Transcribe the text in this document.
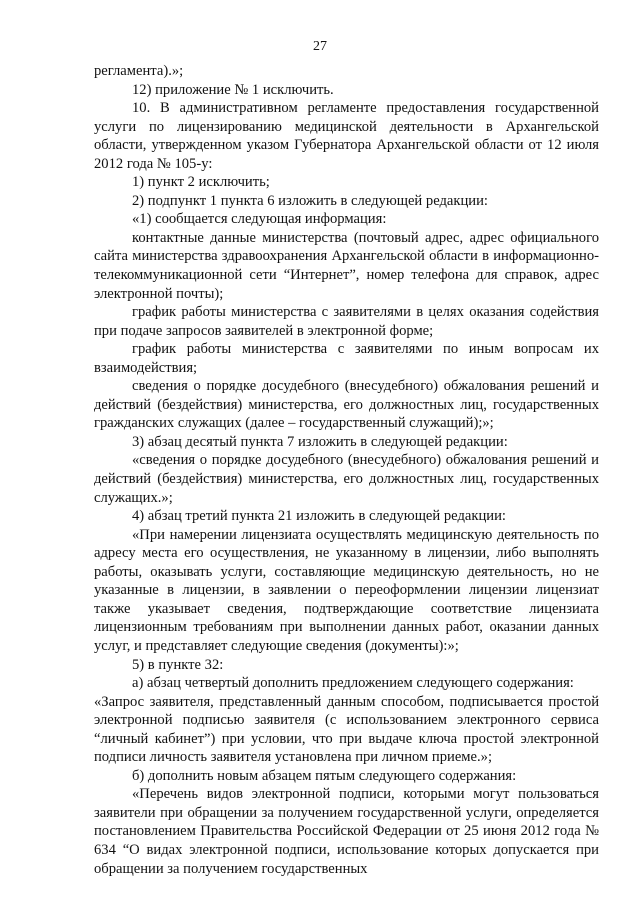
27

регламента).»;

12) приложение № 1 исключить.

10. В административном регламенте предоставления государственной услуги по лицензированию медицинской деятельности в Архангельской области, утвержденном указом Губернатора Архангельской области от 12 июля 2012 года № 105-у:

1) пункт 2 исключить;

2) подпункт 1 пункта 6 изложить в следующей редакции:

«1) сообщается следующая информация:

контактные данные министерства (почтовый адрес, адрес официального сайта министерства здравоохранения Архангельской области в информационно-телекоммуникационной сети “Интернет”, номер телефона для справок, адрес электронной почты);

график работы министерства с заявителями в целях оказания содействия при подаче запросов заявителей в электронной форме;

график работы министерства с заявителями по иным вопросам их взаимодействия;

сведения о порядке досудебного (внесудебного) обжалования решений и действий (бездействия) министерства, его должностных лиц, государственных гражданских служащих (далее – государственный служащий);»;

3) абзац десятый пункта 7 изложить в следующей редакции:

«сведения о порядке досудебного (внесудебного) обжалования решений и действий (бездействия) министерства, его должностных лиц, государственных служащих.»;

4) абзац третий пункта 21 изложить в следующей редакции:

«При намерении лицензиата осуществлять медицинскую деятельность по адресу места его осуществления, не указанному в лицензии, либо выполнять работы, оказывать услуги, составляющие медицинскую деятельность, но не указанные в лицензии, в заявлении о переоформлении лицензии лицензиат также указывает сведения, подтверждающие соответствие лицензиата лицензионным требованиям при выполнении данных работ, оказании данных услуг, и представляет следующие сведения (документы):»;

5) в пункте 32:

а) абзац четвертый дополнить предложением следующего содержания:

«Запрос заявителя, представленный данным способом, подписывается простой электронной подписью заявителя (с использованием электронного сервиса “личный кабинет”) при условии, что при выдаче ключа простой электронной подписи личность заявителя установлена при личном приеме.»;

б) дополнить новым абзацем пятым следующего содержания:

«Перечень видов электронной подписи, которыми могут пользоваться заявители при обращении за получением государственной услуги, определяется постановлением Правительства Российской Федерации от 25 июня 2012 года № 634 “О видах электронной подписи, использование которых допускается при обращении за получением государственных
